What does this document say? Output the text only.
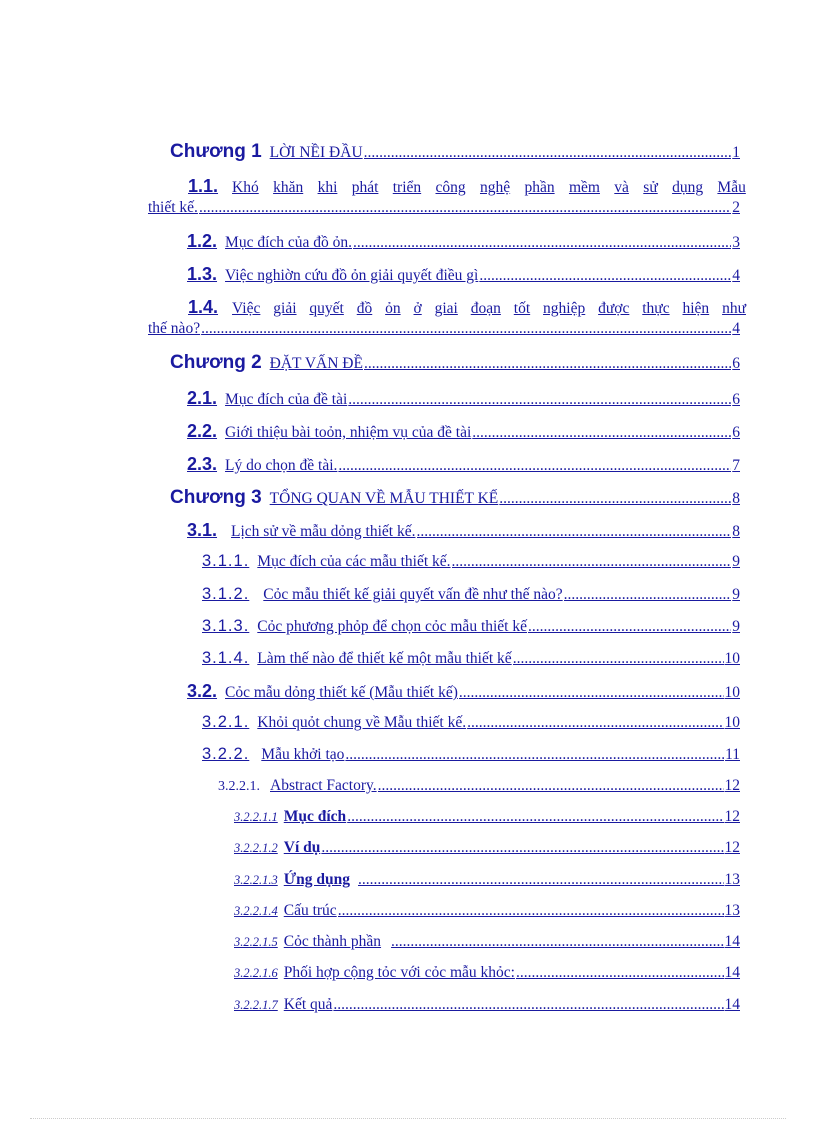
Chương 1 LỜI NỀI ĐẦU .....	1
1.1. Khó khăn khi phát triển công nghệ phần mềm và sử dụng Mẫu
thiết kế. .....	2
1.2. Mục đích của đồ ỏn. .....	3
1.3. Việc nghiờn cứu đồ ỏn giải quyết điều gì .....	4
1.4. Việc giải quyết đồ ỏn ở giai đoạn tốt nghiệp được thực hiện như
thế nào? .....	4
Chương 2 ĐẶT VẤN ĐỀ .....	6
2.1. Mục đích của đề tài .....	6
2.2. Giới thiệu bài toỏn, nhiệm vụ của đề tài .....	6
2.3. Lý do chọn đề tài. .....	7
Chương 3 TỔNG QUAN VỀ MẪU THIẾT KẾ .....	8
3.1. Lịch sử về mẫu dỏng thiết kế. .....	8
3.1.1. Mục đích của các mẫu thiết kế. .....	9
3.1.2. Cỏc mẫu thiết kế giải quyết vấn đề như thế nào? .....	9
3.1.3. Cỏc phương phỏp để chọn cỏc mẫu thiết kế .....	9
3.1.4. Làm thế nào để thiết kế một mẫu thiết kế .....	10
3.2. Cỏc mẫu dỏng thiết kế (Mẫu thiết kế) .....	10
3.2.1. Khỏi quỏt chung về Mẫu thiết kế. .....	10
3.2.2. Mẫu khởi tạo .....	11
3.2.2.1. Abstract Factory. .....	12
3.2.2.1.1 Mục đích .....	12
3.2.2.1.2 Ví dụ .....	12
3.2.2.1.3 Ứng dụng .....	13
3.2.2.1.4 Cấu trúc .....	13
3.2.2.1.5 Cỏc thành phần .....	14
3.2.2.1.6 Phối hợp cộng tỏc với cỏc mẫu khỏc: .....	14
3.2.2.1.7 Kết quả .....	14
